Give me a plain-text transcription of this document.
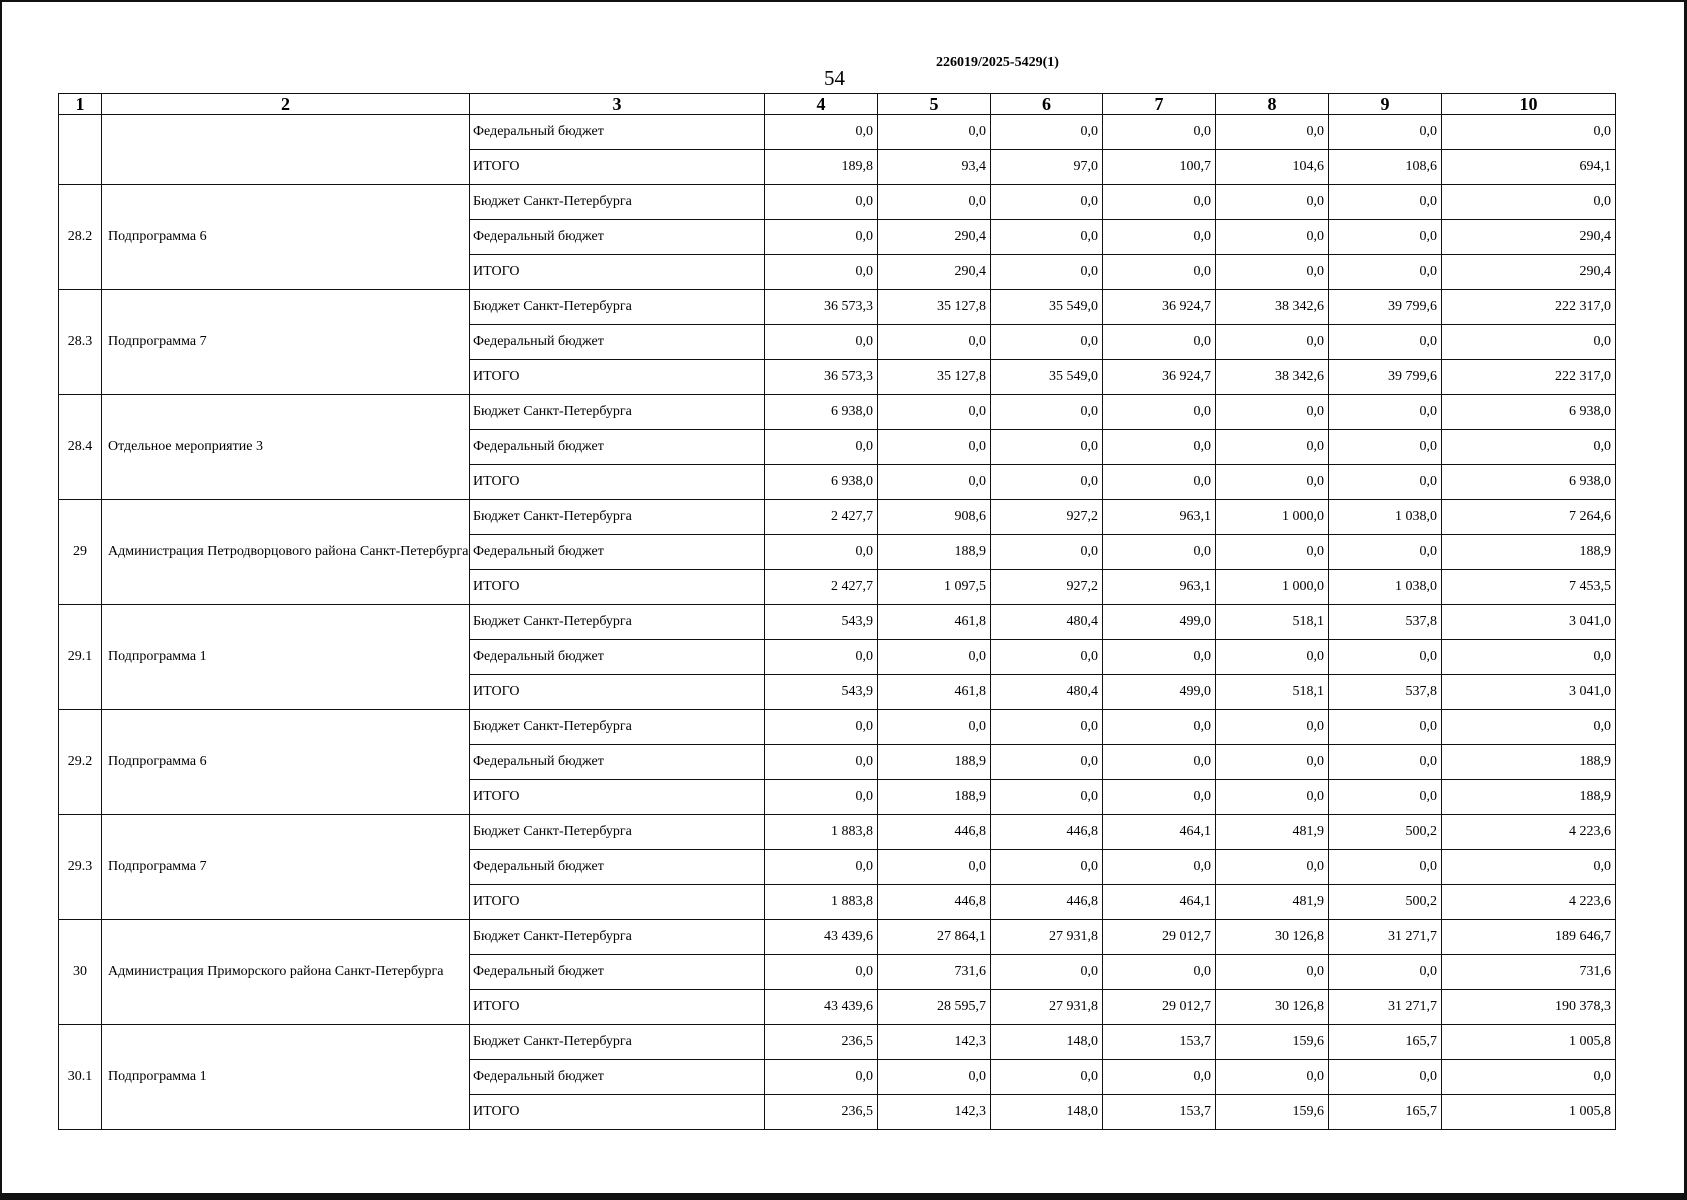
226019/2025-5429(1)
54
1	2	3	4	5	6	7	8	9	10
		Федеральный бюджет	0,0	0,0	0,0	0,0	0,0	0,0	0,0
		ИТОГО	189,8	93,4	97,0	100,7	104,6	108,6	694,1
28.2	Подпрограмма 6	Бюджет Санкт-Петербурга	0,0	0,0	0,0	0,0	0,0	0,0	0,0
		Федеральный бюджет	0,0	290,4	0,0	0,0	0,0	0,0	290,4
		ИТОГО	0,0	290,4	0,0	0,0	0,0	0,0	290,4
28.3	Подпрограмма 7	Бюджет Санкт-Петербурга	36 573,3	35 127,8	35 549,0	36 924,7	38 342,6	39 799,6	222 317,0
		Федеральный бюджет	0,0	0,0	0,0	0,0	0,0	0,0	0,0
		ИТОГО	36 573,3	35 127,8	35 549,0	36 924,7	38 342,6	39 799,6	222 317,0
28.4	Отдельное мероприятие 3	Бюджет Санкт-Петербурга	6 938,0	0,0	0,0	0,0	0,0	0,0	6 938,0
		Федеральный бюджет	0,0	0,0	0,0	0,0	0,0	0,0	0,0
		ИТОГО	6 938,0	0,0	0,0	0,0	0,0	0,0	6 938,0
29	Администрация Петродворцового района Санкт-Петербурга	Бюджет Санкт-Петербурга	2 427,7	908,6	927,2	963,1	1 000,0	1 038,0	7 264,6
		Федеральный бюджет	0,0	188,9	0,0	0,0	0,0	0,0	188,9
		ИТОГО	2 427,7	1 097,5	927,2	963,1	1 000,0	1 038,0	7 453,5
29.1	Подпрограмма 1	Бюджет Санкт-Петербурга	543,9	461,8	480,4	499,0	518,1	537,8	3 041,0
		Федеральный бюджет	0,0	0,0	0,0	0,0	0,0	0,0	0,0
		ИТОГО	543,9	461,8	480,4	499,0	518,1	537,8	3 041,0
29.2	Подпрограмма 6	Бюджет Санкт-Петербурга	0,0	0,0	0,0	0,0	0,0	0,0	0,0
		Федеральный бюджет	0,0	188,9	0,0	0,0	0,0	0,0	188,9
		ИТОГО	0,0	188,9	0,0	0,0	0,0	0,0	188,9
29.3	Подпрограмма 7	Бюджет Санкт-Петербурга	1 883,8	446,8	446,8	464,1	481,9	500,2	4 223,6
		Федеральный бюджет	0,0	0,0	0,0	0,0	0,0	0,0	0,0
		ИТОГО	1 883,8	446,8	446,8	464,1	481,9	500,2	4 223,6
30	Администрация Приморского района Санкт-Петербурга	Бюджет Санкт-Петербурга	43 439,6	27 864,1	27 931,8	29 012,7	30 126,8	31 271,7	189 646,7
		Федеральный бюджет	0,0	731,6	0,0	0,0	0,0	0,0	731,6
		ИТОГО	43 439,6	28 595,7	27 931,8	29 012,7	30 126,8	31 271,7	190 378,3
30.1	Подпрограмма 1	Бюджет Санкт-Петербурга	236,5	142,3	148,0	153,7	159,6	165,7	1 005,8
		Федеральный бюджет	0,0	0,0	0,0	0,0	0,0	0,0	0,0
		ИТОГО	236,5	142,3	148,0	153,7	159,6	165,7	1 005,8
